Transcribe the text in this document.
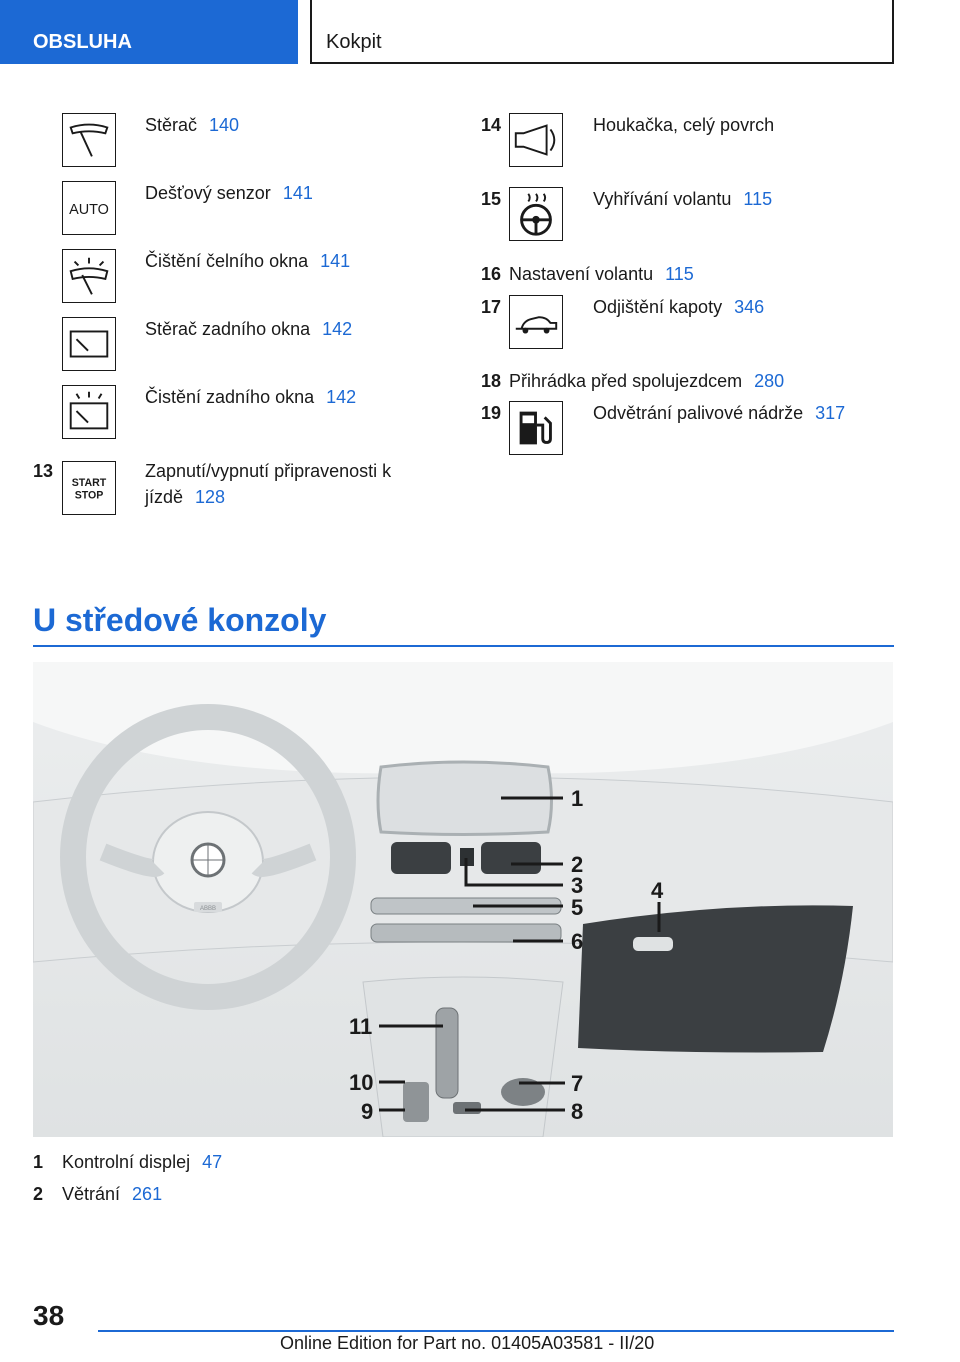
OBSLUHA	Kokpit
Stěrač 140
AUTO
Dešťový senzor 141
Čištění čelního okna 141
Stěrač zadního okna 142
Čistění zadního okna 142
13
START
STOP
Zapnutí/vypnutí připravenosti k
jízdě 128
14	Houkačka, celý povrch
15	Vyhřívání volantu 115
16 Nastavení volantu 115
17	Odjištění kapoty 346
18 Přihrádka před spolujezdcem 280
19	Odvětrání palivové nádrže 317
U středové konzoly
ABBB
1
2
3	4
5
6
7
8
9
10
11
1 Kontrolní displej 47
2 Větrání 261
38
Online Edition for Part no. 01405A03581 - II/20
